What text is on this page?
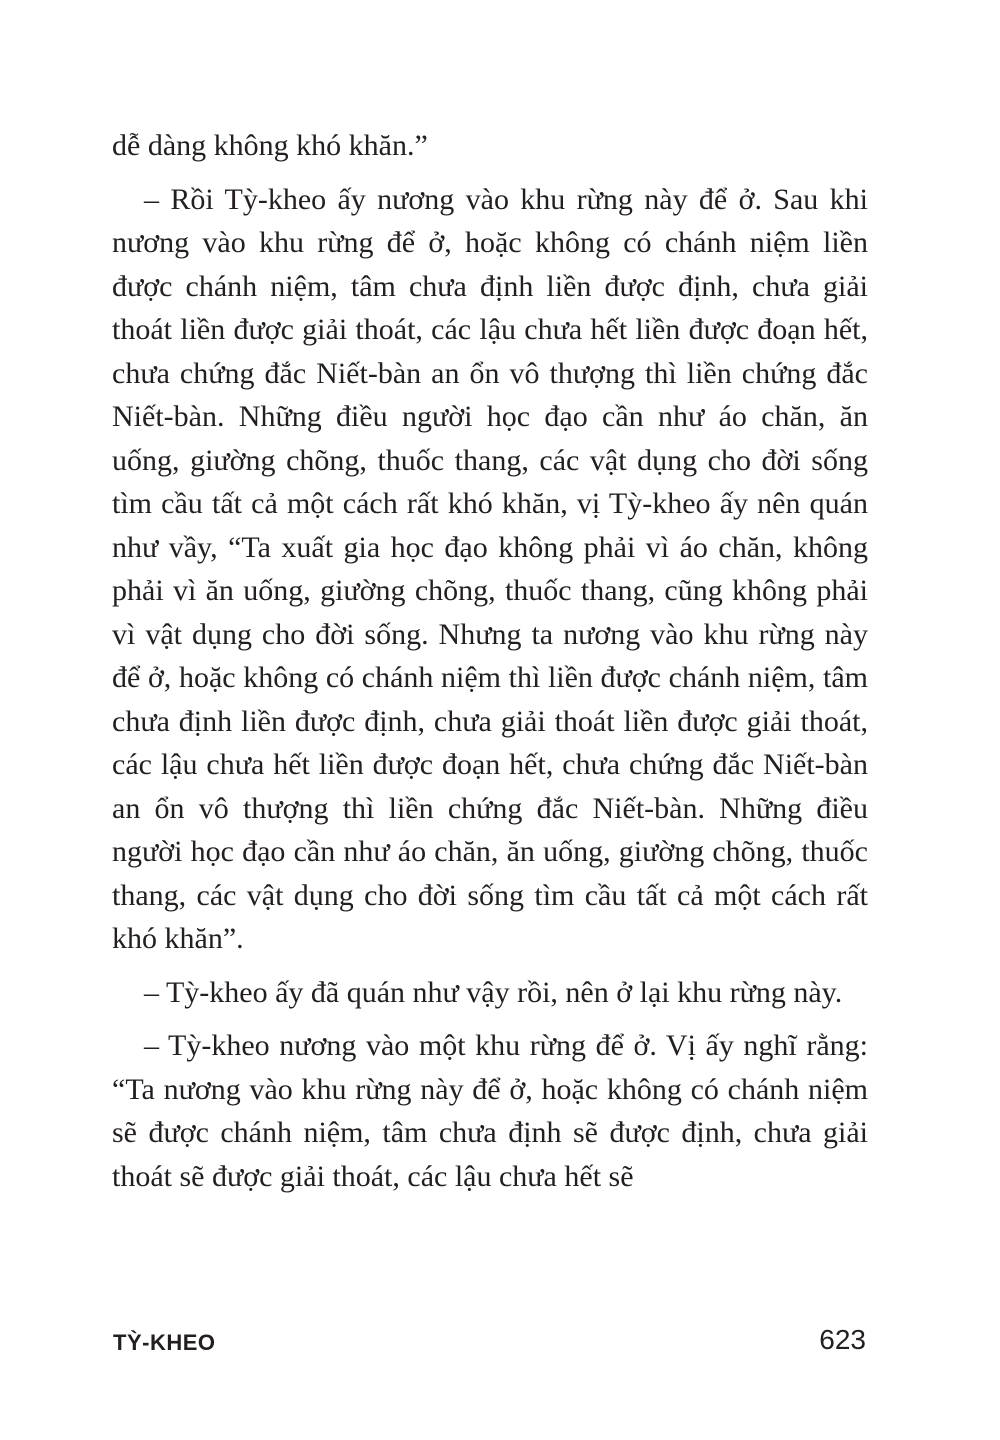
dễ dàng không khó khăn.”

– Rồi Tỳ-kheo ấy nương vào khu rừng này để ở. Sau khi nương vào khu rừng để ở, hoặc không có chánh niệm liền được chánh niệm, tâm chưa định liền được định, chưa giải thoát liền được giải thoát, các lậu chưa hết liền được đoạn hết, chưa chứng đắc Niết-bàn an ổn vô thượng thì liền chứng đắc Niết-bàn. Những điều người học đạo cần như áo chăn, ăn uống, giường chõng, thuốc thang, các vật dụng cho đời sống tìm cầu tất cả một cách rất khó khăn, vị Tỳ-kheo ấy nên quán như vầy, “Ta xuất gia học đạo không phải vì áo chăn, không phải vì ăn uống, giường chõng, thuốc thang, cũng không phải vì vật dụng cho đời sống. Nhưng ta nương vào khu rừng này để ở, hoặc không có chánh niệm thì liền được chánh niệm, tâm chưa định liền được định, chưa giải thoát liền được giải thoát, các lậu chưa hết liền được đoạn hết, chưa chứng đắc Niết-bàn an ổn vô thượng thì liền chứng đắc Niết-bàn. Những điều người học đạo cần như áo chăn, ăn uống, giường chõng, thuốc thang, các vật dụng cho đời sống tìm cầu tất cả một cách rất khó khăn”.

– Tỳ-kheo ấy đã quán như vậy rồi, nên ở lại khu rừng này.

– Tỳ-kheo nương vào một khu rừng để ở. Vị ấy nghĩ rằng: “Ta nương vào khu rừng này để ở, hoặc không có chánh niệm sẽ được chánh niệm, tâm chưa định sẽ được định, chưa giải thoát sẽ được giải thoát, các lậu chưa hết sẽ

TỲ-KHEO	623
